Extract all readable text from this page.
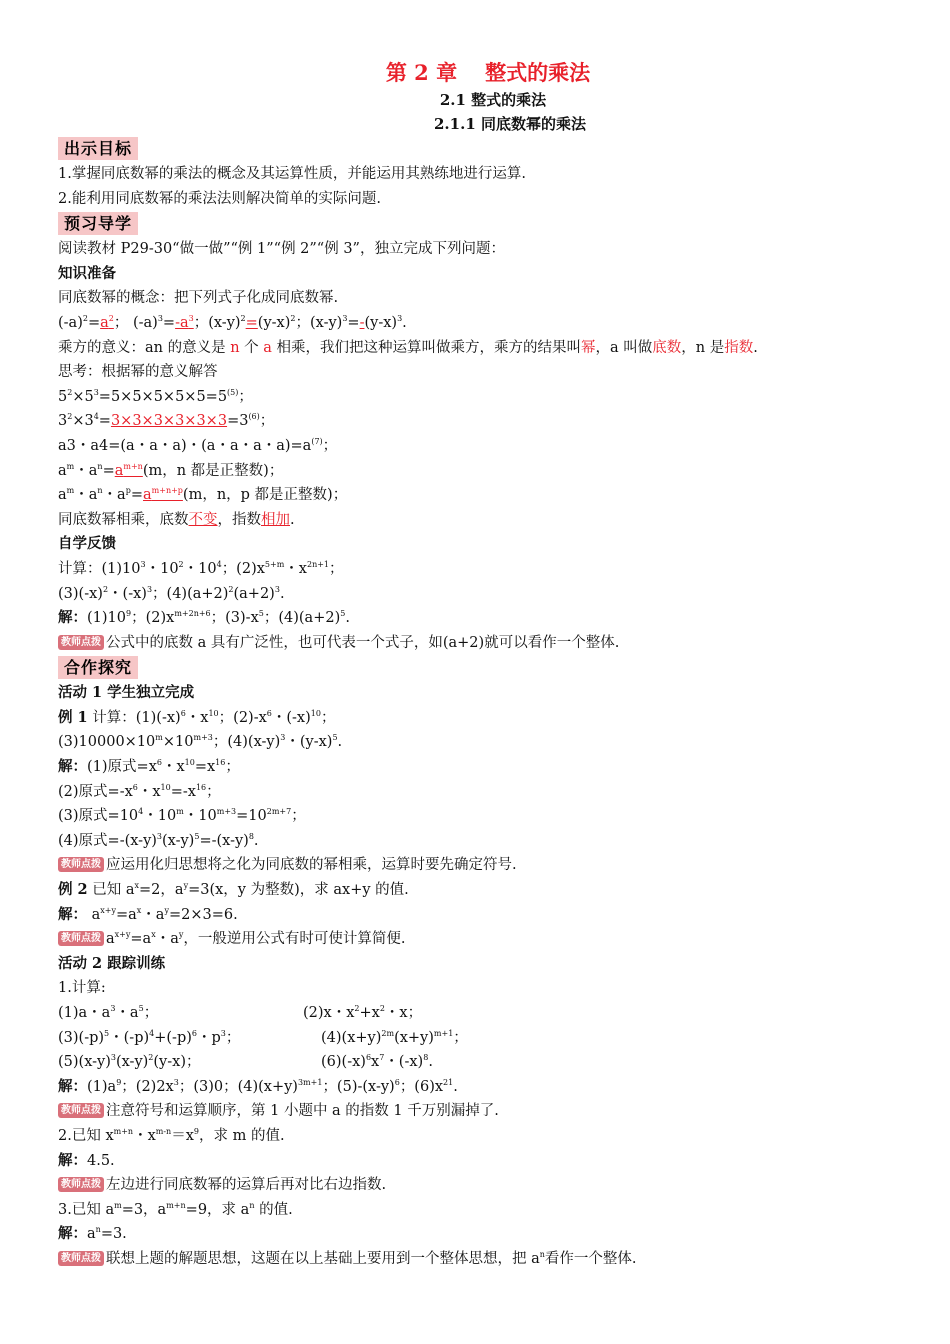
第 2 章 整式的乘法
2.1 整式的乘法
2.1.1 同底数幂的乘法
出示目标
1.掌握同底数幂的乘法的概念及其运算性质，并能运用其熟练地进行运算.
2.能利用同底数幂的乘法法则解决简单的实际问题.
预习导学
阅读教材 P29-30“做一做”“例 1”“例 2”“例 3”，独立完成下列问题：
知识准备
同底数幂的概念：把下列式子化成同底数幂.
$(-a)^2=a^2$； $(-a)^3=-a^3$；$(x-y)^2=(y-x)^2$；$(x-y)^3=-(y-x)^3$.
乘方的意义：an 的意义是 n 个 a 相乘，我们把这种运算叫做乘方，乘方的结果叫幂，a 叫做底数，n 是指数.
思考：根据幂的意义解答
$5^2\times 5^3=5\times 5\times 5\times 5\times 5=5^{(5)}$；
$3^2\times 3^4=3\times 3\times 3\times 3\times 3\times 3=3^{(6)}$；
a3・a4=(a・a・a)・(a・a・a・$a)=a^{(7)}$；
$a^m$・$a^n=a^{m+n}(m$，n 都是正整数)；
$a^m$・$a^n$・$a^p=a^{m+n+p}(m$，n，p 都是正整数)；
同底数幂相乘，底数不变，指数相加.
自学反馈
计算：$(1)10^3$・$10^2$・$10^4$；$(2)x^{5+m}$・$x^{2n+1}$；
$(3)(-x)^2$・$(-x)^3$；$(4)(a+2)^2(a+2)^3$.
解：$(1)10^9$；$(2)x^{m+2n+6}$；$(3)-x^5$；$(4)(a+2)^5$.
教师点拨 公式中的底数 a 具有广泛性，也可代表一个式子，如(a+2)就可以看作一个整体.
合作探究
活动 1 学生独立完成
例 1 计算：$(1)(-x)^6$・$x^{10}$；$(2)-x^6$・$(-x)^{10}$；
$(3)10000\times 10^m\times 10^{m+3}$；$(4)(x-y)^3$・$(y-x)^5$.
解：(1)原式$=x^6$・$x^{10}=x^{16}$；
(2)原式$=-x^6$・$x^{10}=-x^{16}$；
(3)原式$=10^4$・10$^m$・$10^{m+3}=10^{2m+7}$；
(4)原式$=-(x-y)^3(x-y)^5=-(x-y)^8$.
教师点拨 应运用化归思想将之化为同底数的幂相乘，运算时要先确定符号.
例 2 已知 $a^x=2$，$a^y=3(x$，y 为整数)，求 ax+y 的值.
解： $a^{x+y}=a^x$・$a^y=2\times 3=6$.
教师点拨 $a^{x+y}=a^x$・$a^y$，一般逆用公式有时可使计算简便.
活动 2 跟踪训练
1.计算:
(1)a・$a^3$・$a^5$；	(2)x・$x^2+x^2$・x；
$(3)(-p)^5$・$(-p)^4+(-p)^6$・$p^3$；	$(4)(x+y)^{2m}(x+y)^{m+1}$；
$(5)(x-y)^3(x-y)^2(y-x)$；	$(6)(-x)^6x^7$・$(-x)^8$.
解：$(1)a^9$；$(2)2x^3$；(3)0；$(4)(x+y)^{3m+1}$；$(5)-(x-y)^6$；$(6)x^{21}$.
教师点拨 注意符号和运算顺序，第 1 小题中 a 的指数 1 千万别漏掉了.
2.已知 $x^{m+n}$・$x^{m-n}=x^9$，求 m 的值.
解：4.5.
教师点拨 左边进行同底数幂的运算后再对比右边指数.
3.已知 $a^m=3$，$a^{m+n}=9$，求 $a^n$ 的值.
解：$a^n=3$.
教师点拨 联想上题的解题思想，这题在以上基础上要用到一个整体思想，把 $a^n$看作一个整体.
